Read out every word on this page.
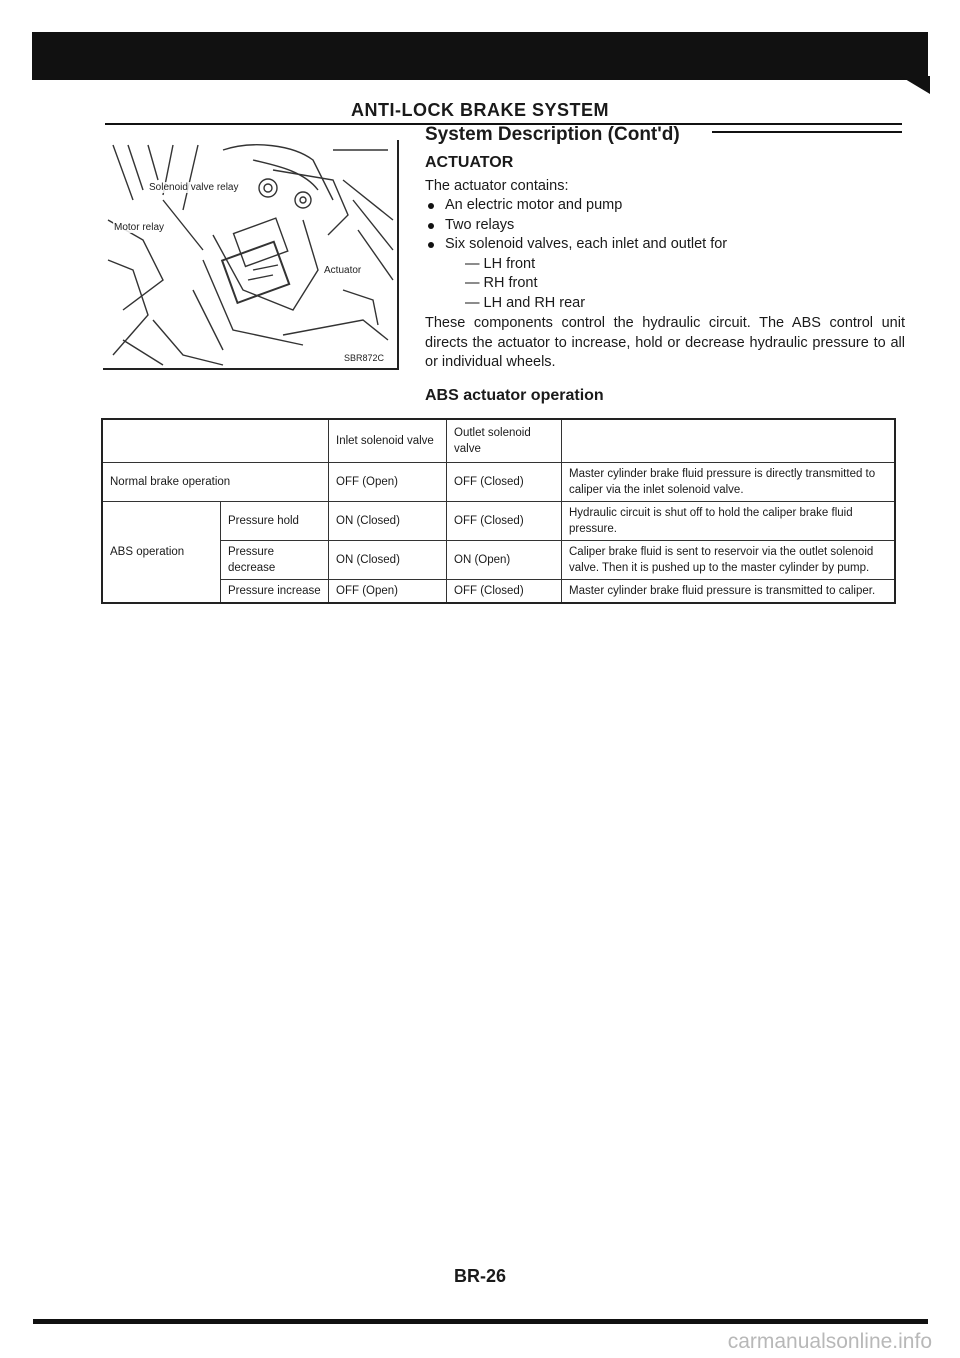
ANTI-LOCK BRAKE SYSTEM
System Description (Cont'd)
Solenoid valve relay
Motor relay
Actuator
SBR872C
ACTUATOR

The actuator contains:

An electric motor and pump
Two relays
Six solenoid valves, each inlet and outlet for
— LH front
— RH front
— LH and RH rear

These components control the hydraulic circuit. The ABS control unit directs the actuator to increase, hold or decrease hydraulic pressure to all or individual wheels.

ABS actuator operation
		Inlet solenoid valve	Outlet solenoid valve	
Normal brake operation		OFF (Open)	OFF (Closed)	Master cylinder brake fluid pressure is directly transmitted to caliper via the inlet solenoid valve.
ABS operation	Pressure hold	ON (Closed)	OFF (Closed)	Hydraulic circuit is shut off to hold the caliper brake fluid pressure.
	Pressure decrease	ON (Closed)	ON (Open)	Caliper brake fluid is sent to reservoir via the outlet solenoid valve. Then it is pushed up to the master cylinder by pump.
	Pressure increase	OFF (Open)	OFF (Closed)	Master cylinder brake fluid pressure is transmitted to caliper.

BR-26

carmanualsonline.info
